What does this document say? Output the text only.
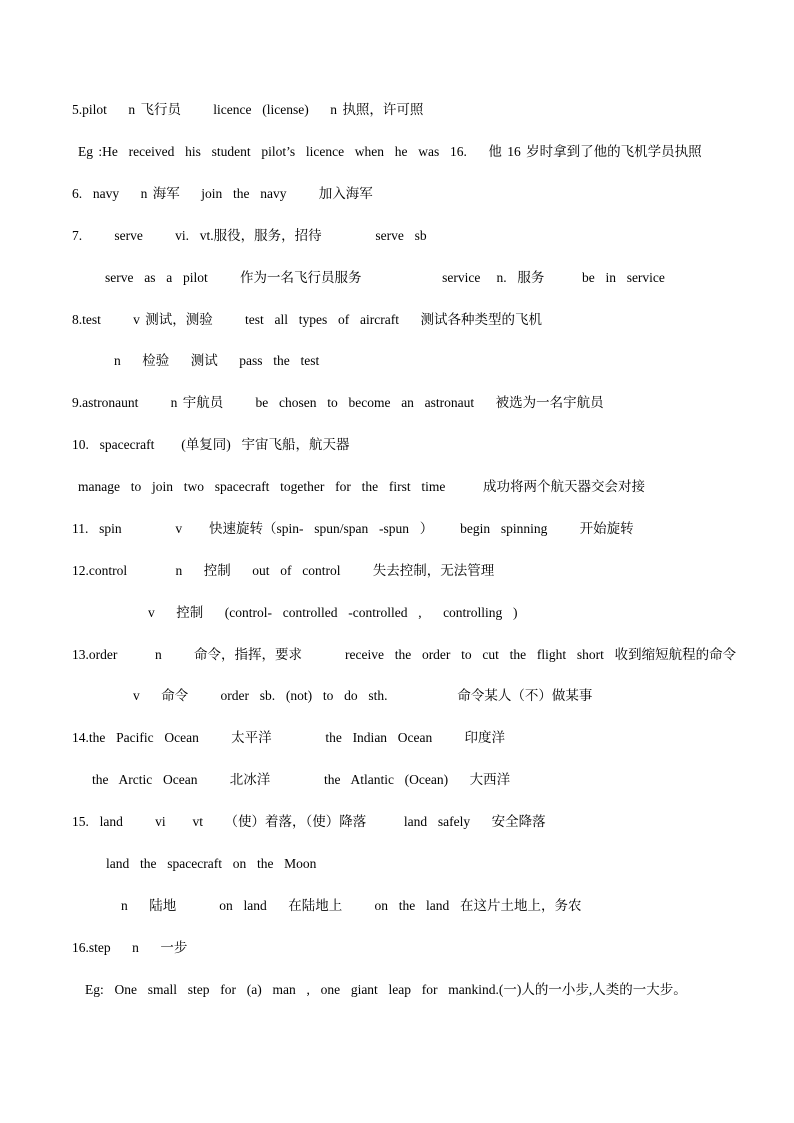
5.pilot    n 飞行员      licence  (license)    n 执照，许可照
Eg :He  received  his  student  pilot’s  licence  when  he  was  16.    他 16 岁时拿到了他的飞机学员执照
6.  navy    n 海军    join  the  navy      加入海军
7.      serve      vi.  vt.服役，服务，招待          serve  sb
serve  as  a  pilot      作为一名飞行员服务               service   n.  服务       be  in  service
8.test      v 测试，测验      test  all  types  of  aircraft    测试各种类型的飞机
n    检验    测试    pass  the  test
9.astronaunt      n 宇航员      be  chosen  to  become  an  astronaut    被选为一名宇航员
10.  spacecraft     (单复同)  宇宙飞船，航天器
manage  to  join  two  spacecraft  together  for  the  first  time       成功将两个航天器交会对接
11.  spin          v     快速旋转（spin-  spun/span  -spun  ）     begin  spinning      开始旋转
12.control         n    控制    out  of  control      失去控制，无法管理
v    控制    (control-  controlled  -controlled  ,    controlling  )
13.order       n      命令，指挥，要求        receive  the  order  to  cut  the  flight  short  收到缩短航程的命令
v    命令      order  sb.  (not)  to  do  sth.             命令某人（不）做某事
14.the  Pacific  Ocean      太平洋          the  Indian  Ocean      印度洋
the  Arctic  Ocean      北冰洋          the  Atlantic  (Ocean)    大西洋
15.  land      vi     vt    （使）着落，（使）降落       land  safely    安全降落
land  the  spacecraft  on  the  Moon
n    陆地        on  land    在陆地上      on  the  land  在这片土地上，务农
16.step    n    一步
Eg:  One  small  step  for  (a)  man  ,  one  giant  leap  for  mankind.(一)人的一小步,人类的一大步。
